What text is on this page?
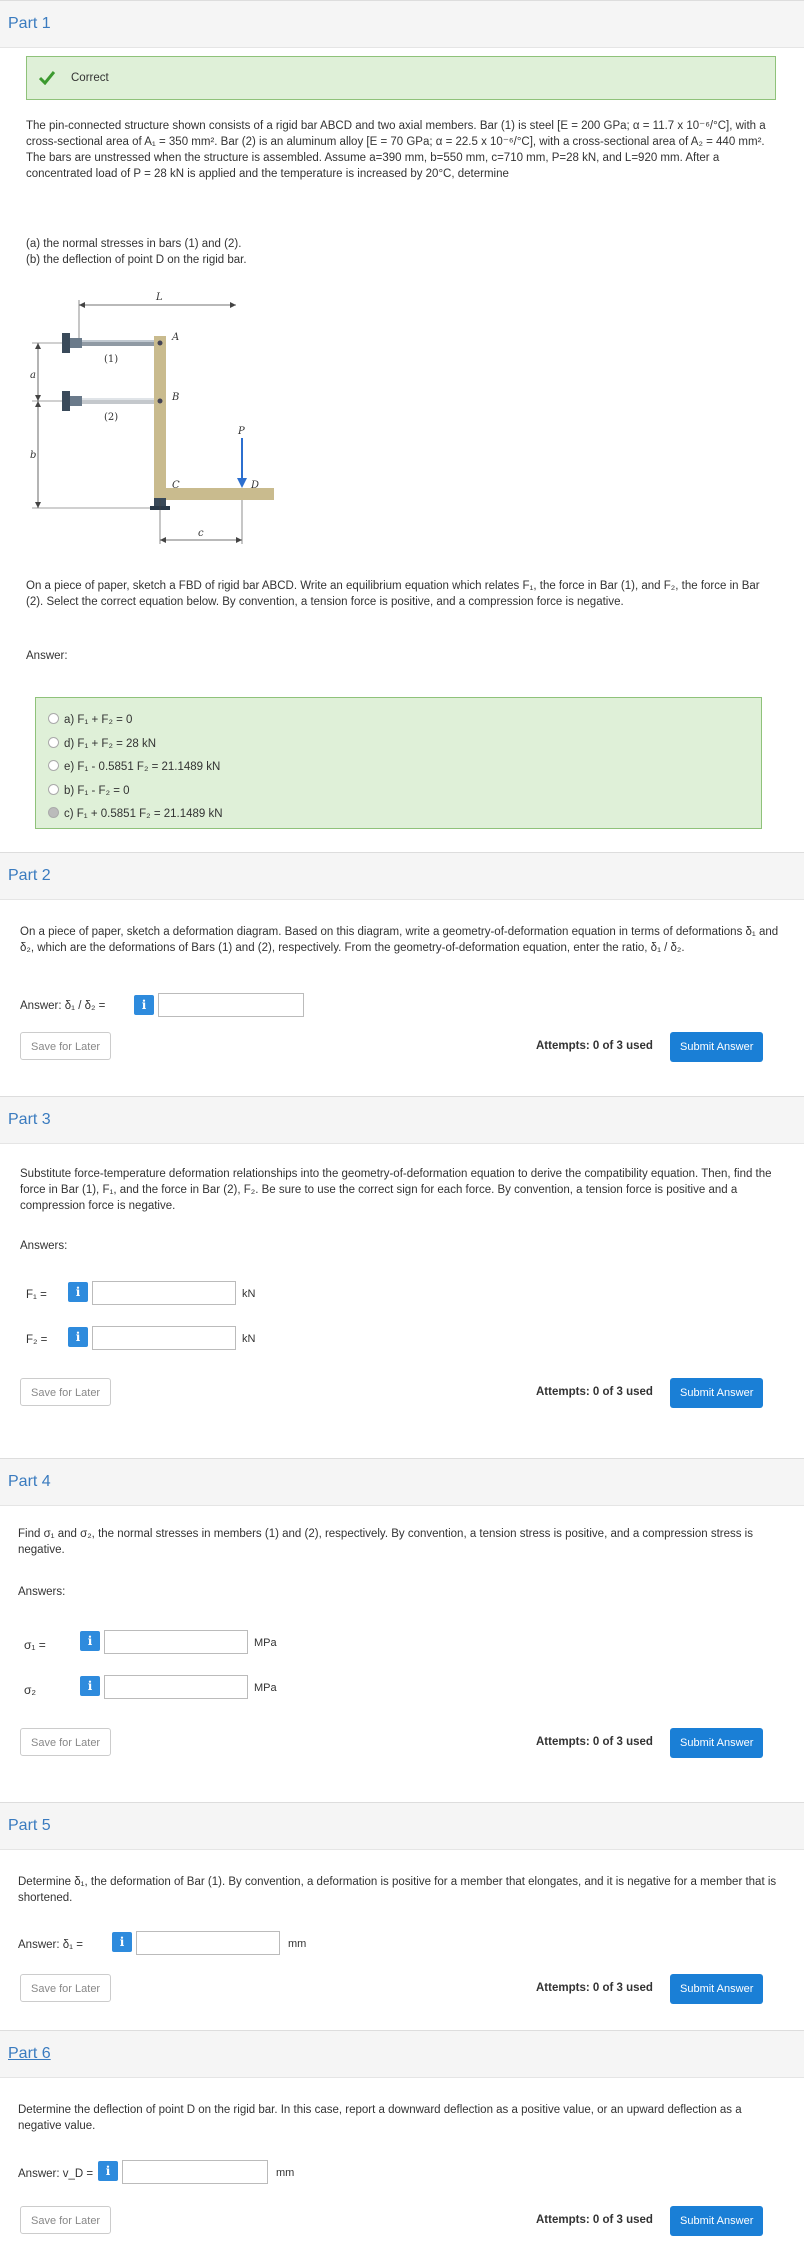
Part 1
Correct
The pin-connected structure shown consists of a rigid bar ABCD and two axial members. Bar (1) is steel [E = 200 GPa; α = 11.7 x 10⁻⁶/°C], with a cross-sectional area of A₁ = 350 mm². Bar (2) is an aluminum alloy [E = 70 GPa; α = 22.5 x 10⁻⁶/°C], with a cross-sectional area of A₂ = 440 mm². The bars are unstressed when the structure is assembled. Assume a=390 mm, b=550 mm, c=710 mm, P=28 kN, and L=920 mm. After a concentrated load of P = 28 kN is applied and the temperature is increased by 20°C, determine
(a) the normal stresses in bars (1) and (2).
(b) the deflection of point D on the rigid bar.
L
a
b
(1)
(2)
A
B
C	D
P
c
On a piece of paper, sketch a FBD of rigid bar ABCD. Write an equilibrium equation which relates F₁, the force in Bar (1), and F₂, the force in Bar (2). Select the correct equation below. By convention, a tension force is positive, and a compression force is negative.
Answer:
a) F₁ + F₂ = 0
d) F₁ + F₂ = 28 kN
e) F₁ - 0.5851 F₂ = 21.1489 kN
b) F₁ - F₂ = 0
c) F₁ + 0.5851 F₂ = 21.1489 kN
Part 2
On a piece of paper, sketch a deformation diagram. Based on this diagram, write a geometry-of-deformation equation in terms of deformations δ₁ and δ₂, which are the deformations of Bars (1) and (2), respectively. From the geometry-of-deformation equation, enter the ratio, δ₁ / δ₂.
Answer: δ₁ / δ₂ =	i
Save for Later	Attempts: 0 of 3 used	Submit Answer
Part 3
Substitute force-temperature deformation relationships into the geometry-of-deformation equation to derive the compatibility equation. Then, find the force in Bar (1), F₁, and the force in Bar (2), F₂. Be sure to use the correct sign for each force. By convention, a tension force is positive and a compression force is negative.
Answers:
F₁ =	i	kN
F₂ =	i	kN
Save for Later	Attempts: 0 of 3 used	Submit Answer
Part 4
Find σ₁ and σ₂, the normal stresses in members (1) and (2), respectively. By convention, a tension stress is positive, and a compression stress is negative.
Answers:
σ₁ =	i	MPa
σ₂	i	MPa
Save for Later	Attempts: 0 of 3 used	Submit Answer
Part 5
Determine δ₁, the deformation of Bar (1). By convention, a deformation is positive for a member that elongates, and it is negative for a member that is shortened.
Answer: δ₁ =	i	mm
Save for Later	Attempts: 0 of 3 used	Submit Answer
Part 6
Determine the deflection of point D on the rigid bar. In this case, report a downward deflection as a positive value, or an upward deflection as a negative value.
Answer: v_D =	i	mm
Save for Later	Attempts: 0 of 3 used	Submit Answer
